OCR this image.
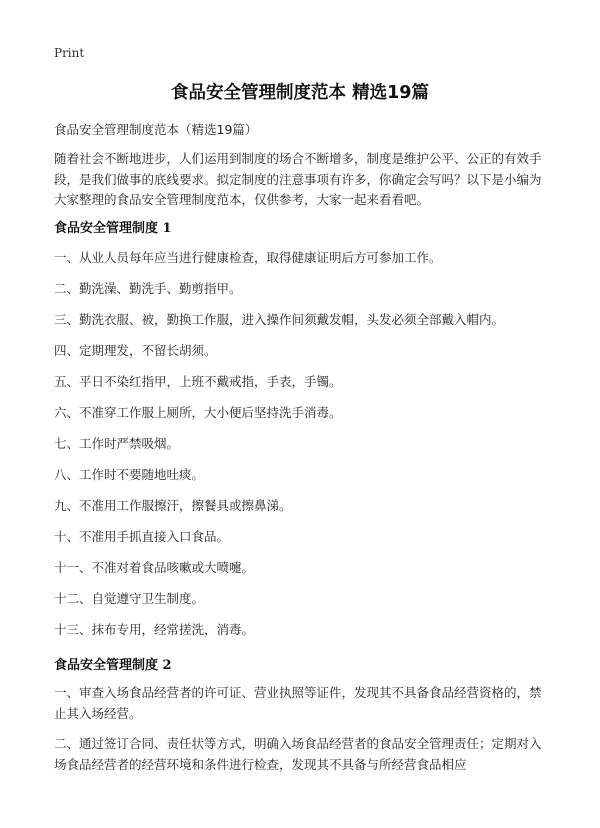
Print
食品安全管理制度范本 精选19篇
食品安全管理制度范本（精选19篇）
随着社会不断地进步，人们运用到制度的场合不断增多，制度是维护公平、公正的有效手段，是我们做事的底线要求。拟定制度的注意事项有许多，你确定会写吗？以下是小编为大家整理的食品安全管理制度范本，仅供参考，大家一起来看看吧。
食品安全管理制度 1
一、从业人员每年应当进行健康检查，取得健康证明后方可参加工作。
二、勤洗澡、勤洗手、勤剪指甲。
三、勤洗衣服、被，勤换工作服，进入操作间须戴发帽，头发必须全部戴入帽内。
四、定期理发，不留长胡须。
五、平日不染红指甲，上班不戴戒指，手表，手镯。
六、不准穿工作服上厕所，大小便后坚持洗手消毒。
七、工作时严禁吸烟。
八、工作时不要随地吐痰。
九、不准用工作服擦汗，擦餐具或擦鼻涕。
十、不准用手抓直接入口食品。
十一、不准对着食品咳嗽或大喷嚏。
十二、自觉遵守卫生制度。
十三、抹布专用，经常搓洗，消毒。
食品安全管理制度 2
一、审查入场食品经营者的许可证、营业执照等证件，发现其不具备食品经营资格的，禁止其入场经营。
二、通过签订合同、责任状等方式，明确入场食品经营者的食品安全管理责任；定期对入场食品经营者的经营环境和条件进行检查，发现其不具备与所经营食品相应
